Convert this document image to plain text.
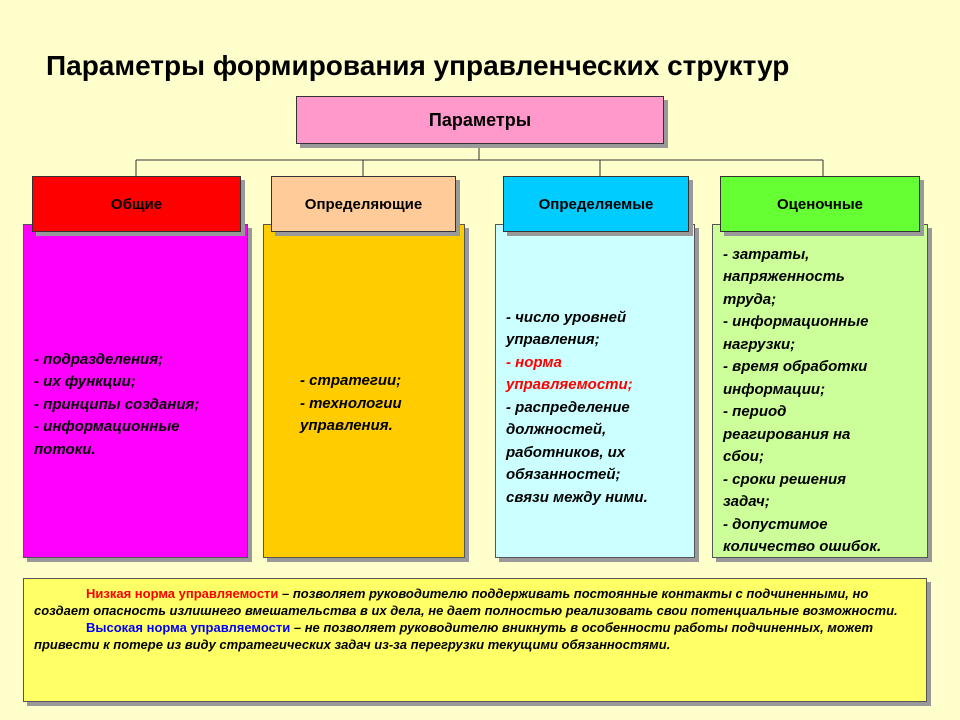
Параметры формирования управленческих структур
Параметры
- подразделения;
- их функции;
- принципы создания;
- информационные
потоки.
Общие
- стратегии;
- технологии
управления.
Определяющие
- число уровней
управления;
- норма
управляемости;
- распределение
должностей,
работников, их
обязанностей;
связи между ними.
Определяемые
- затраты,
напряженность
труда;
- информационные
нагрузки;
- время обработки
информации;
- период
реагирования на
сбои;
- сроки решения
задач;
- допустимое
количество ошибок.
Оценочные

Низкая норма управляемости – позволяет руководителю поддерживать постоянные контакты с подчиненными, но создает опасность излишнего вмешательства в их дела, не дает полностью реализовать свои потенциальные возможности.

Высокая норма управляемости – не позволяет руководителю вникнуть в особенности работы подчиненных, может привести к потере из виду стратегических задач из-за перегрузки текущими обязанностями.
